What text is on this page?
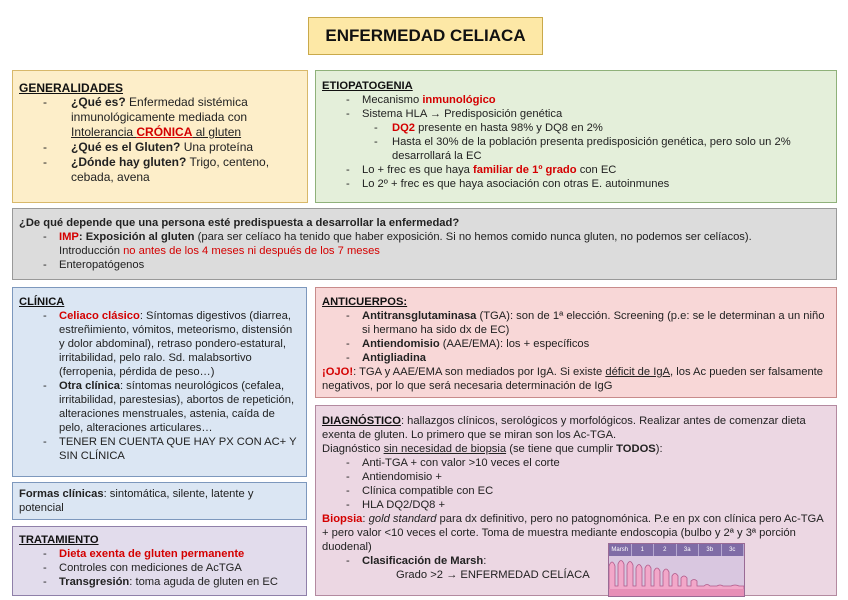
ENFERMEDAD CELIACA
GENERALIDADES
- ¿Qué es? Enfermedad sistémica inmunológicamente mediada con Intolerancia CRÓNICA al gluten
- ¿Qué es el Gluten? Una proteína
- ¿Dónde hay gluten? Trigo, centeno, cebada, avena
ETIOPATOGENIA
- Mecanismo inmunológico
- Sistema HLA → Predisposición genética
- DQ2 presente en hasta 98% y DQ8 en 2%
- Hasta el 30% de la población presenta predisposición genética, pero solo un 2% desarrollará la EC
- Lo + frec es que haya familiar de 1º grado con EC
- Lo 2º + frec es que haya asociación con otras E. autoinmunes
¿De qué depende que una persona esté predispuesta a desarrollar la enfermedad?
- IMP: Exposición al gluten (para ser celíaco ha tenido que haber exposición. Si no hemos comido nunca gluten, no podemos ser celíacos).
Introducción no antes de los 4 meses ni después de los 7 meses
- Enteropatógenos
CLÍNICA
- Celiaco clásico: Síntomas digestivos (diarrea, estreñimiento, vómitos, meteorismo, distensión y dolor abdominal), retraso pondero-estatural, irritabilidad, pelo ralo. Sd. malabsortivo (ferropenia, pérdida de peso…)
- Otra clínica: síntomas neurológicos (cefalea, irritabilidad, parestesias), abortos de repetición, alteraciones menstruales, astenia, caída de pelo, alteraciones articulares…
- TENER EN CUENTA QUE HAY PX CON AC+ Y SIN CLÍNICA
Formas clínicas: sintomática, silente, latente y potencial
TRATAMIENTO
- Dieta exenta de gluten permanente
- Controles con mediciones de AcTGA
- Transgresión: toma aguda de gluten en EC
ANTICUERPOS:
- Antitransglutaminasa (TGA): son de 1ª elección. Screening (p.e: se le determinan a un niño si hermano ha sido dx de EC)
- Antiendomisio (AAE/EMA): los + específicos
- Antigliadina
¡OJO!: TGA y AAE/EMA son mediados por IgA. Si existe déficit de IgA, los Ac pueden ser falsamente negativos, por lo que será necesaria determinación de IgG
DIAGNÓSTICO: hallazgos clínicos, serológicos y morfológicos. Realizar antes de comenzar dieta exenta de gluten. Lo primero que se miran son los Ac-TGA.
Diagnóstico sin necesidad de biopsia (se tiene que cumplir TODOS):
- Anti-TGA + con valor >10 veces el corte
- Antiendomisio +
- Clínica compatible con EC
- HLA DQ2/DQ8 +
Biopsia: gold standard para dx definitivo, pero no patognomónica. P.e en px con clínica pero Ac-TGA + pero valor <10 veces el corte. Toma de muestra mediante endoscopia (bulbo y 2ª y 3ª porción duodenal)
- Clasificación de Marsh:
Grado >2 → ENFERMEDAD CELÍACA
Marsh	1	2	3a	3b	3c
